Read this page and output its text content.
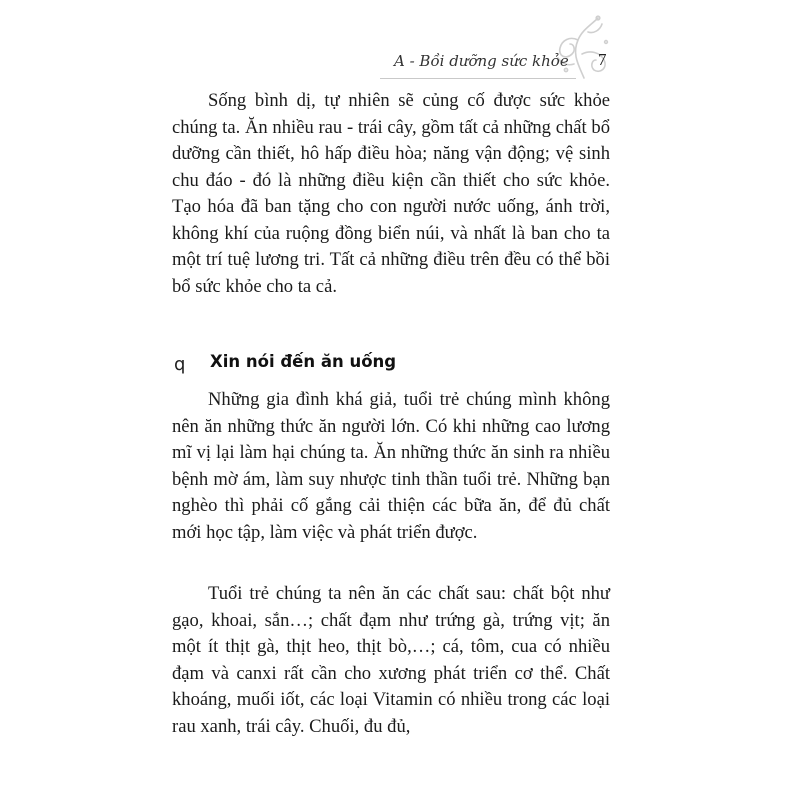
A - Bồi dưỡng sức khỏe 7

Sống bình dị, tự nhiên sẽ củng cố được sức khỏe chúng ta. Ăn nhiều rau - trái cây, gồm tất cả những chất bổ dưỡng cần thiết, hô hấp điều hòa; năng vận động; vệ sinh chu đáo - đó là những điều kiện cần thiết cho sức khỏe. Tạo hóa đã ban tặng cho con người nước uống, ánh trời, không khí của ruộng đồng biển núi, và nhất là ban cho ta một trí tuệ lương tri. Tất cả những điều trên đều có thể bồi bổ sức khỏe cho ta cả.

q Xin nói đến ăn uống

Những gia đình khá giả, tuổi trẻ chúng mình không nên ăn những thức ăn người lớn. Có khi những cao lương mĩ vị lại làm hại chúng ta. Ăn những thức ăn sinh ra nhiều bệnh mờ ám, làm suy nhược tinh thần tuổi trẻ. Những bạn nghèo thì phải cố gắng cải thiện các bữa ăn, để đủ chất mới học tập, làm việc và phát triển được.

Tuổi trẻ chúng ta nên ăn các chất sau: chất bột như gạo, khoai, sắn…; chất đạm như trứng gà, trứng vịt; ăn một ít thịt gà, thịt heo, thịt bò,…; cá, tôm, cua có nhiều đạm và canxi rất cần cho xương phát triển cơ thể. Chất khoáng, muối iốt, các loại Vitamin có nhiều trong các loại rau xanh, trái cây. Chuối, đu đủ,
